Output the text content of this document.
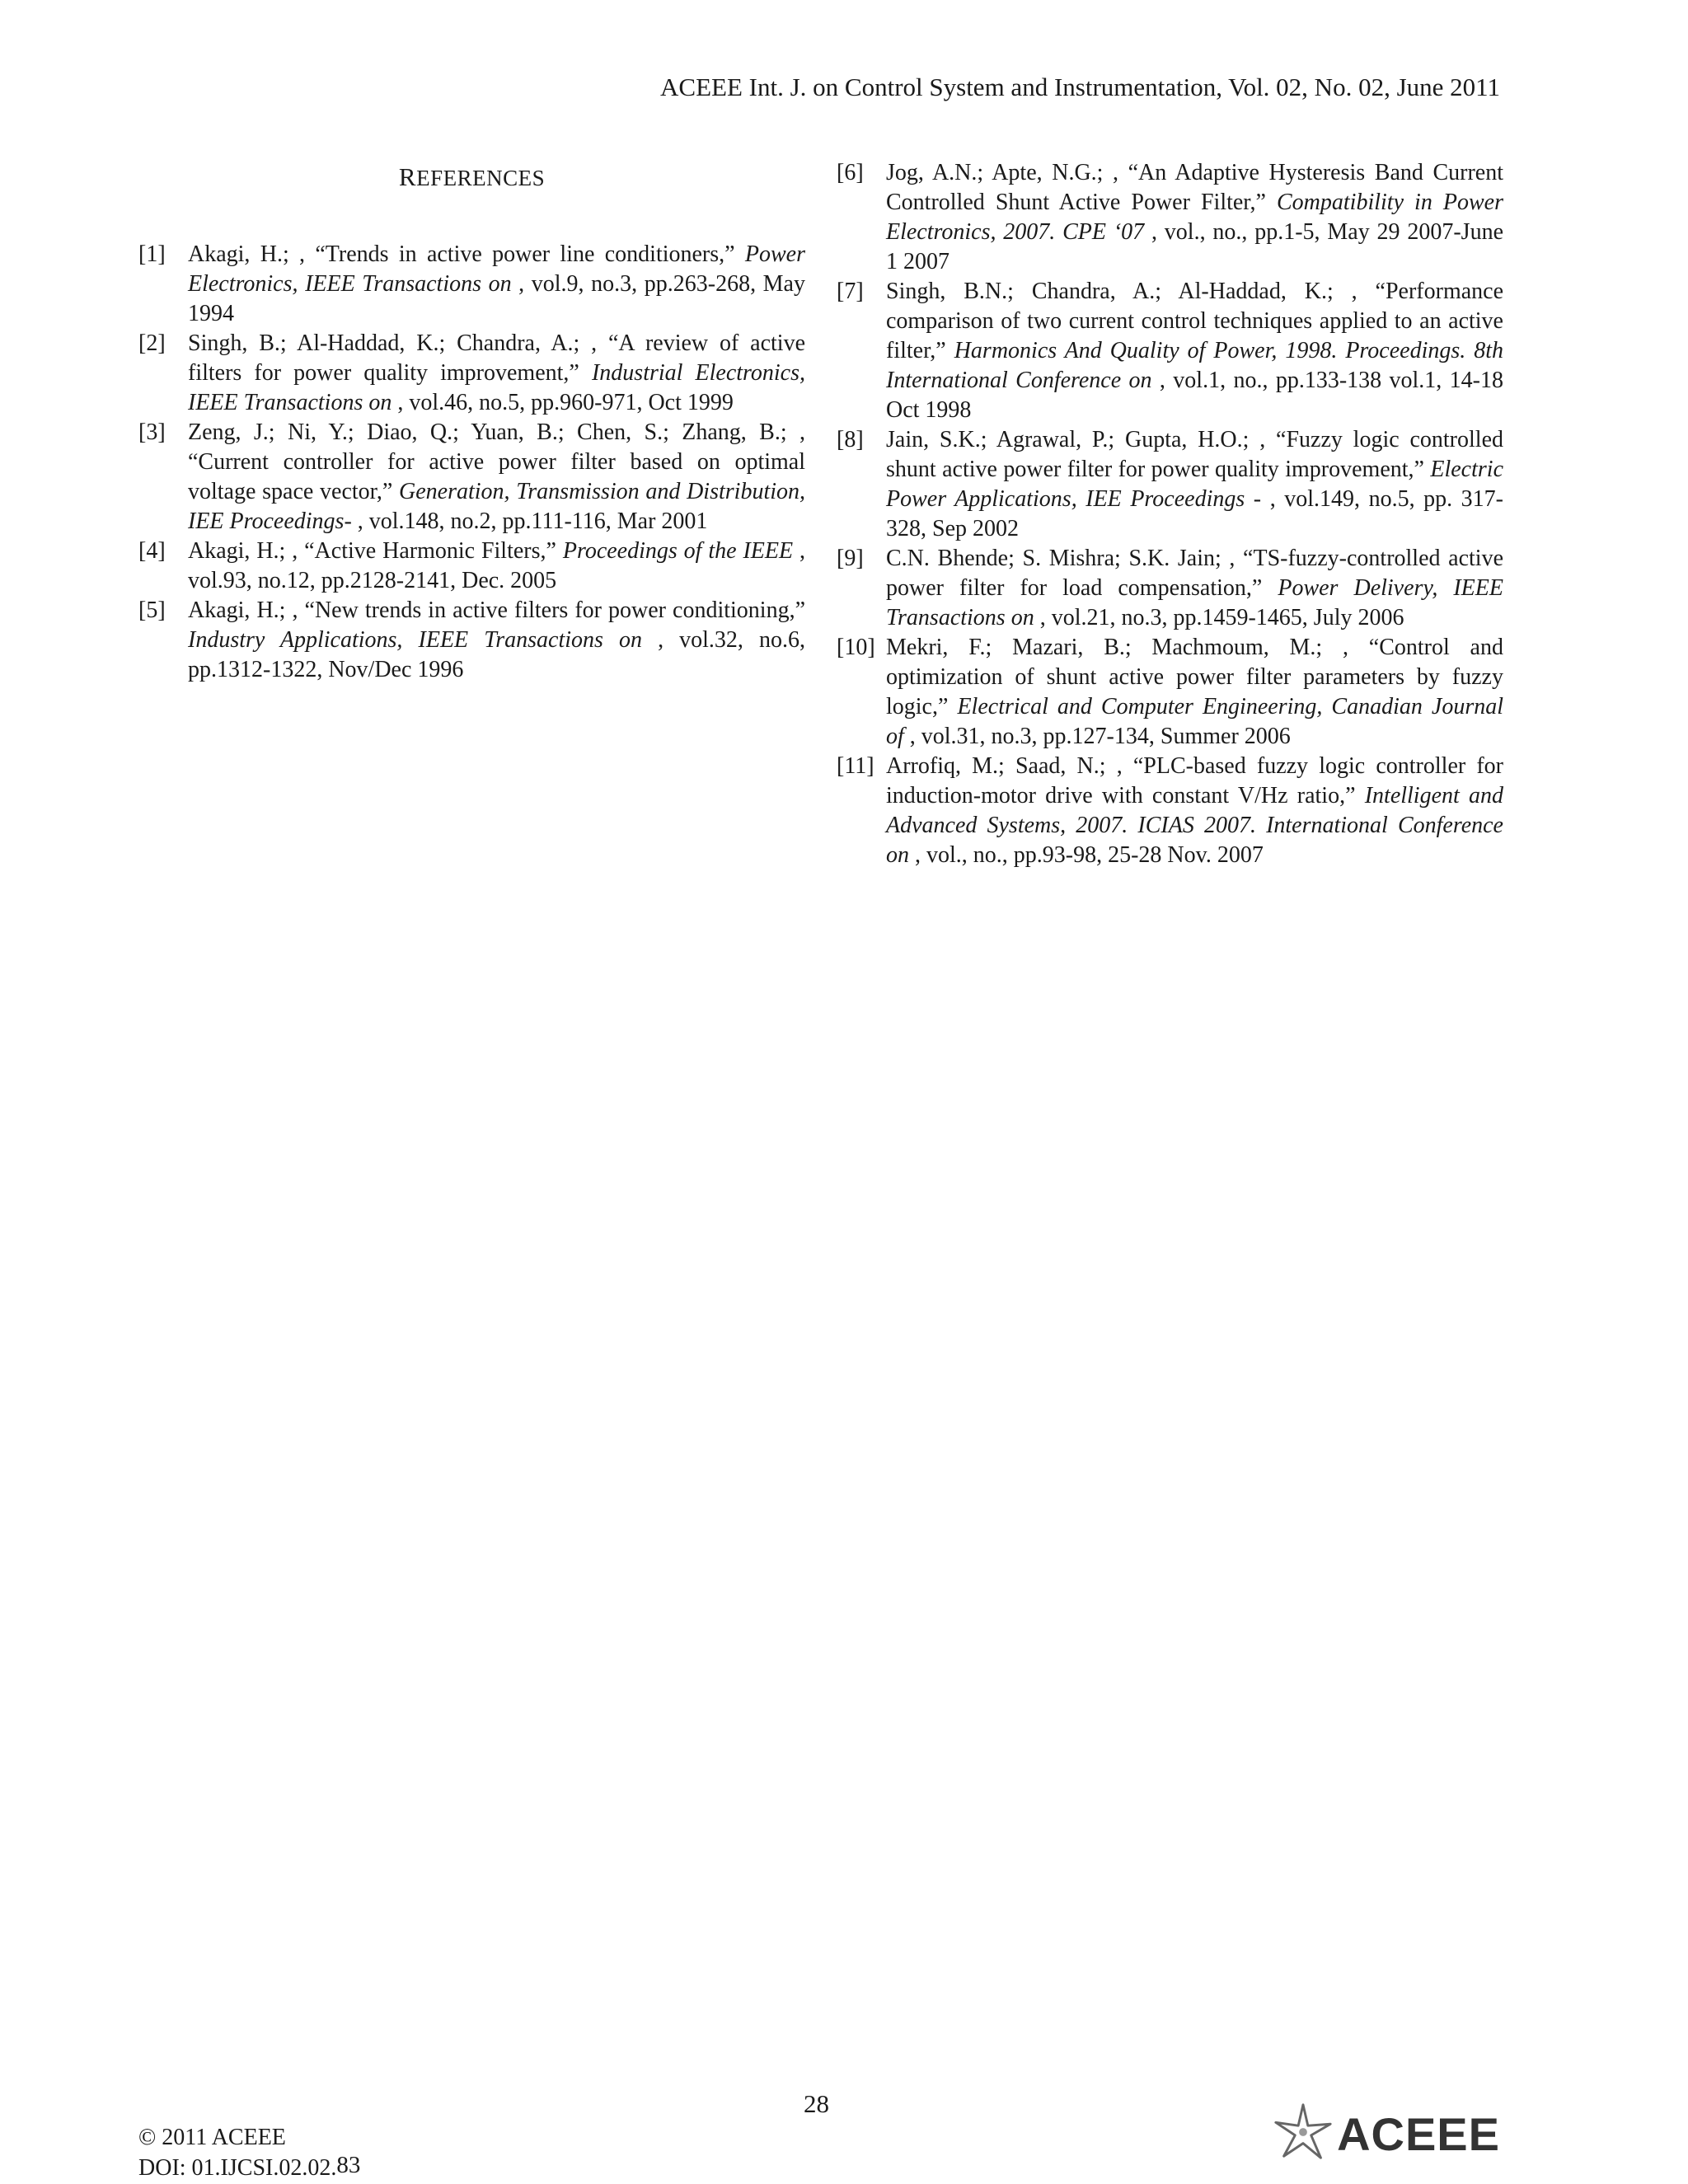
ACEEE Int. J. on Control System and Instrumentation, Vol. 02, No. 02, June 2011
REFERENCES
[1] Akagi, H.; , “Trends in active power line conditioners,” Power Electronics, IEEE Transactions on , vol.9, no.3, pp.263-268, May 1994
[2] Singh, B.; Al-Haddad, K.; Chandra, A.; , “A review of active filters for power quality improvement,” Industrial Electronics, IEEE Transactions on , vol.46, no.5, pp.960-971, Oct 1999
[3] Zeng, J.; Ni, Y.; Diao, Q.; Yuan, B.; Chen, S.; Zhang, B.; , “Current controller for active power filter based on optimal voltage space vector,” Generation, Transmission and Distribution, IEE Proceedings- , vol.148, no.2, pp.111-116, Mar 2001
[4] Akagi, H.; , “Active Harmonic Filters,” Proceedings of the IEEE , vol.93, no.12, pp.2128-2141, Dec. 2005
[5] Akagi, H.; , “New trends in active filters for power conditioning,” Industry Applications, IEEE Transactions on , vol.32, no.6, pp.1312-1322, Nov/Dec 1996
[6] Jog, A.N.; Apte, N.G.; , “An Adaptive Hysteresis Band Current Controlled Shunt Active Power Filter,” Compatibility in Power Electronics, 2007. CPE ‘07 , vol., no., pp.1-5, May 29 2007-June 1 2007
[7] Singh, B.N.; Chandra, A.; Al-Haddad, K.; , “Performance comparison of two current control techniques applied to an active filter,” Harmonics And Quality of Power, 1998. Proceedings. 8th International Conference on , vol.1, no., pp.133-138 vol.1, 14-18 Oct 1998
[8] Jain, S.K.; Agrawal, P.; Gupta, H.O.; , “Fuzzy logic controlled shunt active power filter for power quality improvement,” Electric Power Applications, IEE Proceedings - , vol.149, no.5, pp. 317- 328, Sep 2002
[9] C.N. Bhende; S. Mishra; S.K. Jain; , “TS-fuzzy-controlled active power filter for load compensation,” Power Delivery, IEEE Transactions on , vol.21, no.3, pp.1459-1465, July 2006
[10] Mekri, F.; Mazari, B.; Machmoum, M.; , “Control and optimization of shunt active power filter parameters by fuzzy logic,” Electrical and Computer Engineering, Canadian Journal of , vol.31, no.3, pp.127-134, Summer 2006
[11] Arrofiq, M.; Saad, N.; , “PLC-based fuzzy logic controller for induction-motor drive with constant V/Hz ratio,” Intelligent and Advanced Systems, 2007. ICIAS 2007. International Conference on , vol., no., pp.93-98, 25-28 Nov. 2007
28
© 2011 ACEEE
DOI: 01.IJCSI.02.02.83
ACEEE
